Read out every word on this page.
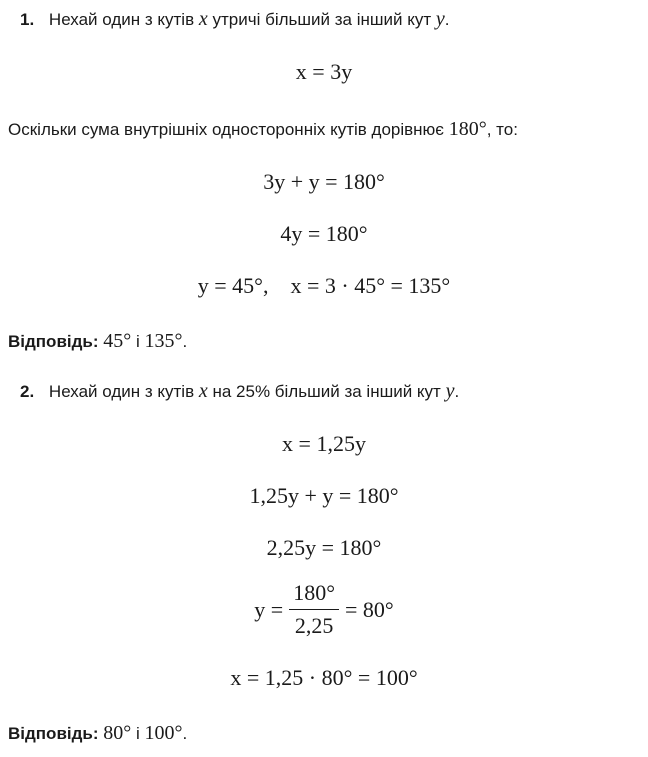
1. Нехай один з кутів x утричі більший за інший кут y.
x = 3y
Оскільки сума внутрішніх односторонніх кутів дорівнює 180°, то:
3y + y = 180°
4y = 180°
y = 45°,    x = 3 · 45° = 135°
Відповідь: 45° і 135°.
2. Нехай один з кутів x на 25% більший за інший кут y.
x = 1,25y
1,25y + y = 180°
2,25y = 180°
$y = \frac{180^\circ}{2,25} = 80^\circ$
x = 1,25 · 80° = 100°
Відповідь: 80° і 100°.
